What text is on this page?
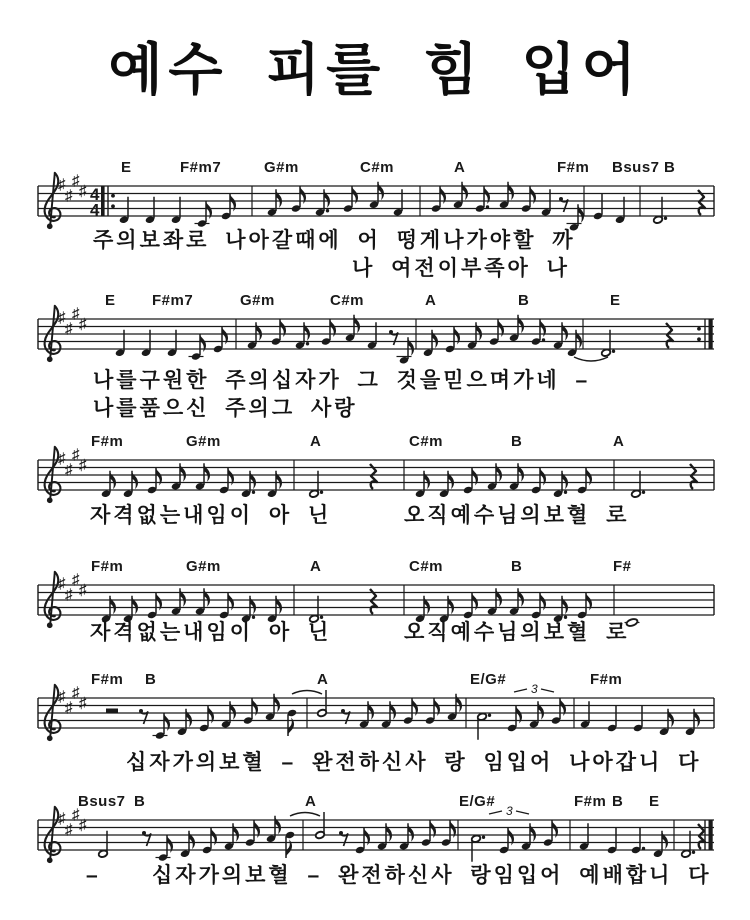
예수 피를 힘 입어
♯
♯
♯
♯ 4
4
E	F#m7	G#m	C#m	A	F#m Bsus7 B
주의보좌로 나아갈때에 어 떵게나가야할 까
나 여전이부족아 나
♯
♯
♯
♯
E F#m7	G#m	C#m	A	B	E
나를구원한 주의십자가 그 것을믿으며가네 –
나를품으신 주의그 사랑
♯
♯
♯
♯
F#m	G#m	A	C#m	B	A
자격없는내임이 아 닌	오직예수님의보혈 로
♯
♯
♯
♯
F#m	G#m	A	C#m	B	F#
자격없는내임이 아 닌	오직예수님의보혈 로
♯
♯
♯
♯
F#m B	A	E/G#	F#m
3
십자가의보혈 – 완전하신사 랑 임입어 나아갑니 다
♯
♯
♯
♯
Bsus7 B	A	E/G#	F#m B E
3
– 십자가의보혈 – 완전하신사 랑임입어 예배합니 다
